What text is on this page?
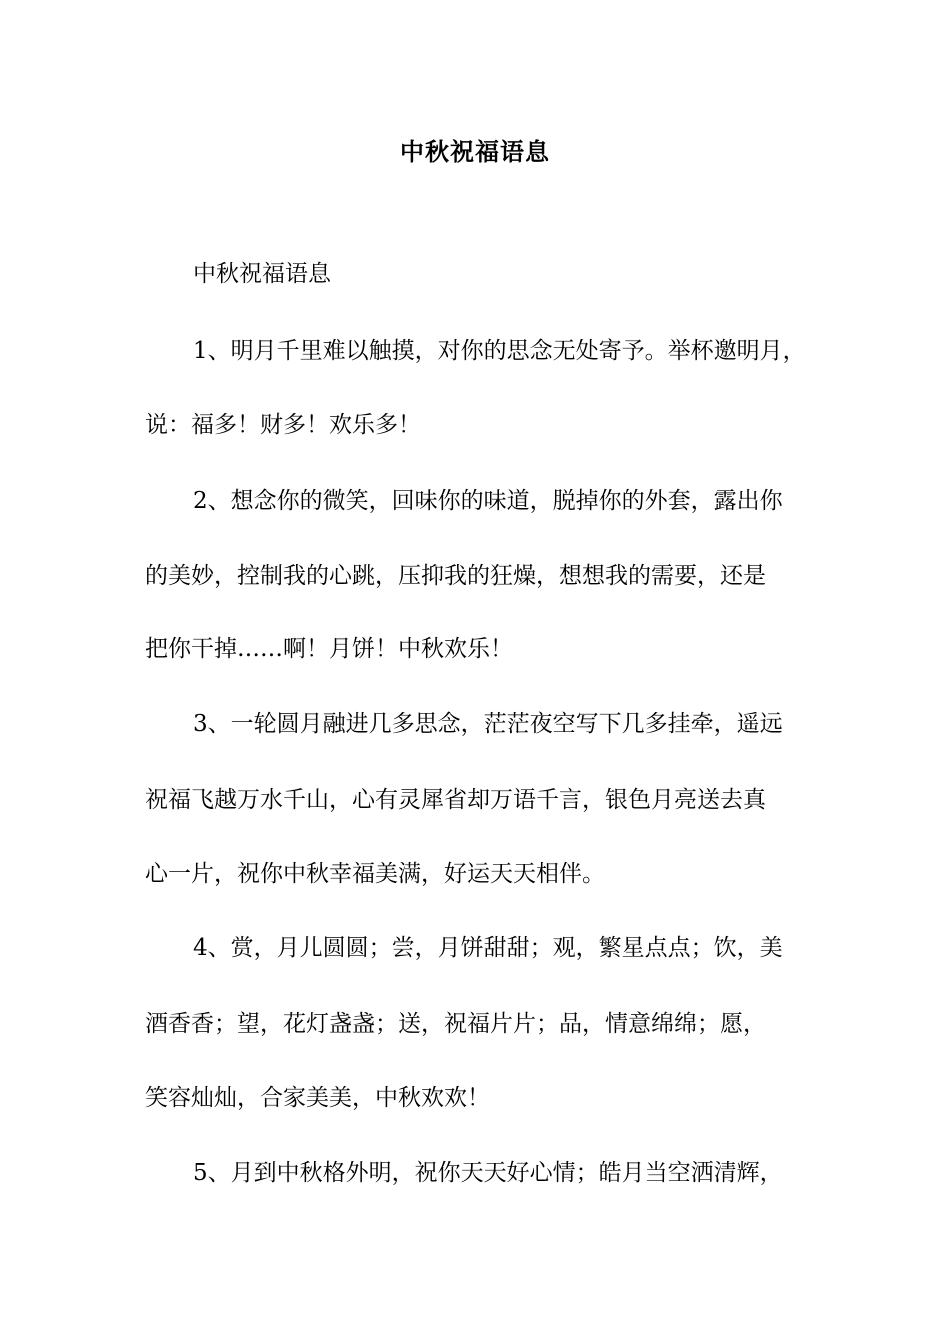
中秋祝福语息
中秋祝福语息
1、明月千里难以触摸，对你的思念无处寄予。举杯邀明月，
说：福多！财多！欢乐多！
2、想念你的微笑，回味你的味道，脱掉你的外套，露出你
的美妙，控制我的心跳，压抑我的狂燥，想想我的需要，还是
把你干掉……啊！月饼！中秋欢乐！
3、一轮圆月融进几多思念，茫茫夜空写下几多挂牵，遥远
祝福飞越万水千山，心有灵犀省却万语千言，银色月亮送去真
心一片，祝你中秋幸福美满，好运天天相伴。
4、赏，月儿圆圆；尝，月饼甜甜；观，繁星点点；饮，美
酒香香；望，花灯盏盏；送，祝福片片；品，情意绵绵；愿，
笑容灿灿，合家美美，中秋欢欢！
5、月到中秋格外明，祝你天天好心情；皓月当空洒清辉，
